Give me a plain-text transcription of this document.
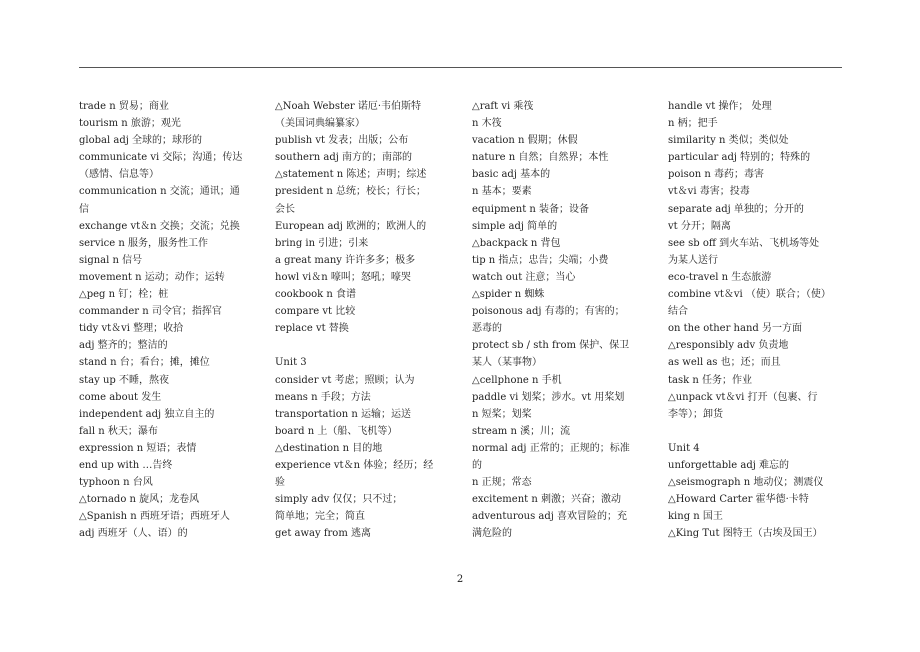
trade n 贸易；商业
tourism n 旅游；观光
global adj 全球的；球形的
communicate vi 交际；沟通；传达
（感情、信息等）
communication n 交流；通讯；通
信
exchange vt＆n 交换；交流；兑换
service n 服务，服务性工作
signal n 信号
movement n 运动；动作；运转
△peg n 钉；栓；桩
commander n 司令官；指挥官
tidy vt＆vi 整理；收拾
adj 整齐的；整洁的
stand n 台；看台；摊，摊位
stay up 不睡，熬夜
come about 发生
independent adj 独立自主的
fall n 秋天；瀑布
expression n 短语；表情
end up with …告终
typhoon n 台风
△tornado n 旋风；龙卷风
△Spanish n 西班牙语；西班牙人
adj 西班牙（人、语）的
△Noah Webster 诺厄·韦伯斯特
（美国词典编纂家）
publish vt 发表；出版；公布
southern adj 南方的；南部的
△statement n 陈述；声明；综述
president n 总统；校长；行长；
会长
European adj 欧洲的；欧洲人的
bring in 引进；引来
a great many 许许多多；极多
howl vi＆n 嚎叫；怒吼；嚎哭
cookbook n 食谱
compare vt 比较
replace vt 替换
Unit 3
consider vt 考虑；照顾；认为
means n 手段；方法
transportation n 运输；运送
board n 上（船、飞机等）
△destination n 目的地
experience vt＆n 体验；经历；经
验
simply adv 仅仅；只不过；
简单地；完全；简直
get away from 逃离
△raft vi 乘筏
n 木筏
vacation n 假期；休假
nature n 自然；自然界；本性
basic adj 基本的
n 基本；要素
equipment n 装备；设备
simple adj 简单的
△backpack n 背包
tip n 指点；忠告；尖端；小费
watch out 注意；当心
△spider n 蜘蛛
poisonous adj 有毒的；有害的；
恶毒的
protect sb / sth from 保护、保卫
某人（某事物）
△cellphone n 手机
paddle vi 划桨；涉水。vt 用桨划
n 短桨；划桨
stream n 溪；川；流
normal adj 正常的；正规的；标准
的
n 正规；常态
excitement n 刺激；兴奋；激动
adventurous adj 喜欢冒险的；充
满危险的
handle vt 操作； 处理
n 柄；把手
similarity n 类似；类似处
particular adj 特别的；特殊的
poison n 毒药；毒害
vt＆vi 毒害；投毒
separate adj 单独的；分开的
vt 分开；隔离
see sb off 到火车站、飞机场等处
为某人送行
eco-travel n 生态旅游
combine vt＆vi （使）联合；（使）
结合
on the other hand 另一方面
△responsibly adv 负责地
as well as 也；还；而且
task n 任务；作业
△unpack vt＆vi 打开（包裹、行
李等）；卸货
Unit 4
unforgettable adj 难忘的
△seismograph n 地动仪；测震仪
△Howard Carter 霍华德·卡特
king n 国王
△King Tut 图特王（古埃及国王）
2
